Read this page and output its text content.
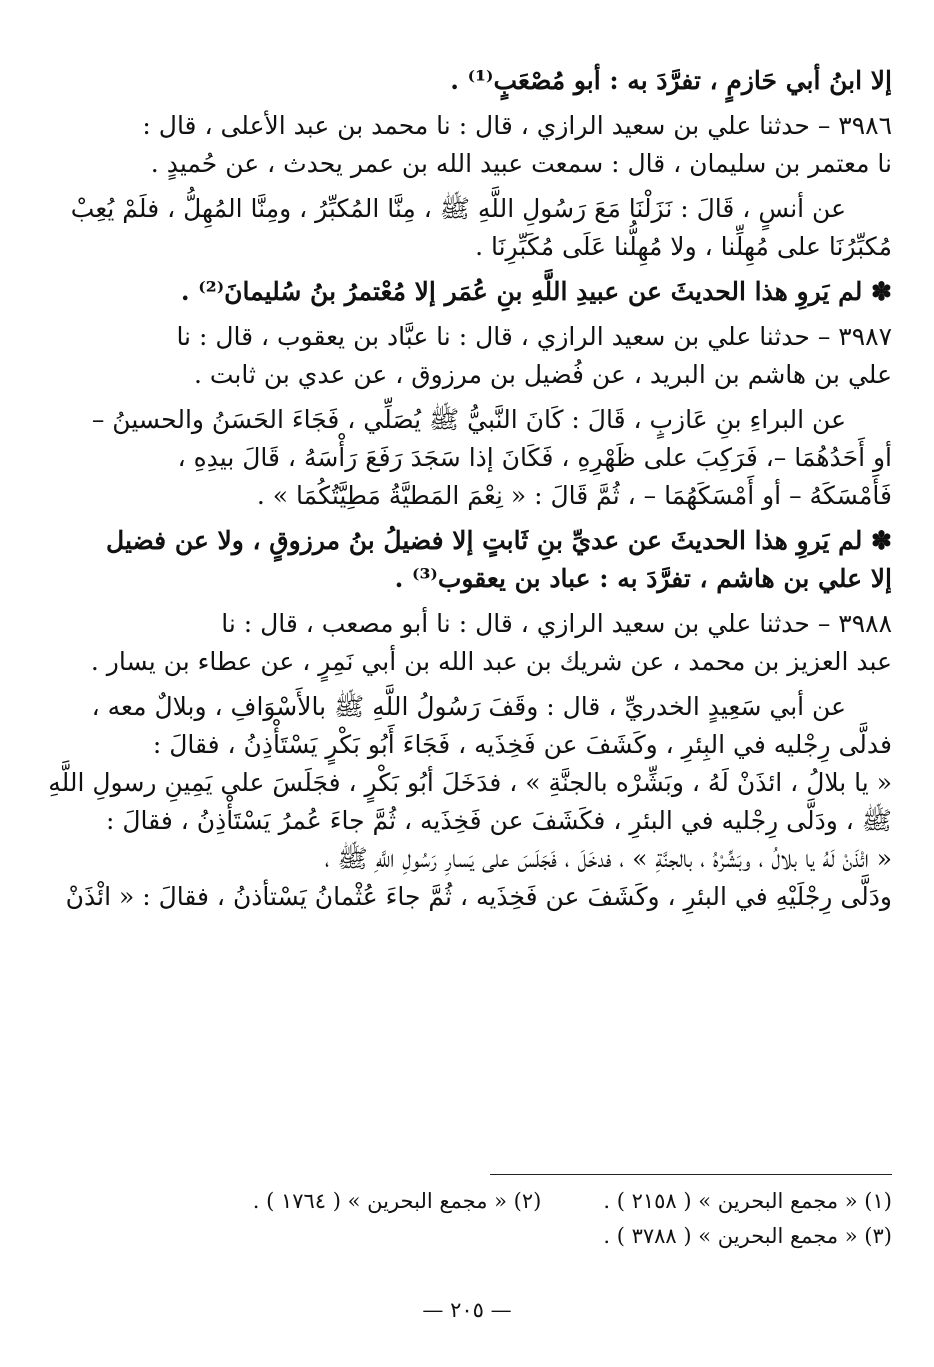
إلا ابنُ أبي حَازمٍ ، تفرَّدَ به : أبو مُصْعَبٍ⁽¹⁾ .
٣٩٨٦ – حدثنا علي بن سعيد الرازي ، قال : نا محمد بن عبد الأعلى ، قال :
نا معتمر بن سليمان ، قال : سمعت عبيد الله بن عمر يحدث ، عن حُميدٍ .
عن أنسٍ ، قَالَ : نَزَلْنَا مَعَ رَسُولِ اللَّهِ ﷺ ، مِنَّا المُكبِّرُ ، ومِنَّا المُهِلُّ ، فلَمْ يُعِبْ
مُكبِّرُنَا على مُهِلِّنا ، ولا مُهِلُّنا عَلَى مُكَبِّرِنَا .
✽ لم يَروِ هذا الحديثَ عن عبيدِ اللَّهِ بنِ عُمَر إلا مُعْتمرُ بنُ سُليمانَ⁽²⁾ .
٣٩٨٧ – حدثنا علي بن سعيد الرازي ، قال : نا عبَّاد بن يعقوب ، قال : نا
علي بن هاشم بن البريد ، عن فُضيل بن مرزوق ، عن عدي بن ثابت .
عن البراءِ بنِ عَازبٍ ، قَالَ : كَانَ النَّبيُّ ﷺ يُصَلِّي ، فَجَاءَ الحَسَنُ والحسينُ –
أو أَحَدُهُمَا –، فَرَكِبَ على ظَهْرِهِ ، فَكَانَ إذا سَجَدَ رَفَعَ رَأْسَهُ ، قَالَ بيدِهِ ،
فَأَمْسَكَهُ – أو أَمْسَكَهُمَا – ، ثُمَّ قَالَ : « نِعْمَ المَطيَّةُ مَطِيَّتُكُمَا » .
✽ لم يَروِ هذا الحديثَ عن عديِّ بنِ ثَابتٍ إلا فضيلُ بنُ مرزوقٍ ، ولا عن فضيل
إلا علي بن هاشم ، تفرَّدَ به : عباد بن يعقوب⁽³⁾ .
٣٩٨٨ – حدثنا علي بن سعيد الرازي ، قال : نا أبو مصعب ، قال : نا
عبد العزيز بن محمد ، عن شريك بن عبد الله بن أبي نَمِرٍ ، عن عطاء بن يسار .
عن أبي سَعِيدٍ الخدريِّ ، قال : وقَفَ رَسُولُ اللَّهِ ﷺ بالأَسْوَافِ ، وبلالٌ معه ،
فدلَّى رِجْليه في البِئرِ ، وكَشَفَ عن فَخِذَيه ، فَجَاءَ أَبُو بَكْرٍ يَسْتَأْذِنُ ، فقالَ :
« يا بلالُ ، ائذَنْ لَهُ ، وبَشِّرْه بالجنَّةِ » ، فدَخَلَ أبُو بَكْرٍ ، فجَلَسَ على يَمِينِ رسولِ اللَّهِ
ﷺ ، ودَلَّى رِجْليه في البئرِ ، فكَشَفَ عن فَخِذَيه ، ثُمَّ جاءَ عُمرُ يَسْتَأْذِنُ ، فقالَ :
« ائْذَنْ لَهُ يا بلالُ ، وبَشِّرْهُ ، بالجنَّةِ » ، فدخَلَ ، فَجَلَسَ على يَسارِ رَسُولِ اللَّهِ ﷺ ،
ودَلَّى رِجْلَيْهِ في البئرِ ، وكَشَفَ عن فَخِذَيه ، ثُمَّ جاءَ عُثْمانُ يَسْتأذنُ ، فقالَ : « ائْذَنْ
(١) « مجمع البحرين » ( ٢١٥٨ ) .
(٢) « مجمع البحرين » ( ١٧٦٤ ) .
(٣) « مجمع البحرين » ( ٣٧٨٨ ) .
— ٢٠٥ —
